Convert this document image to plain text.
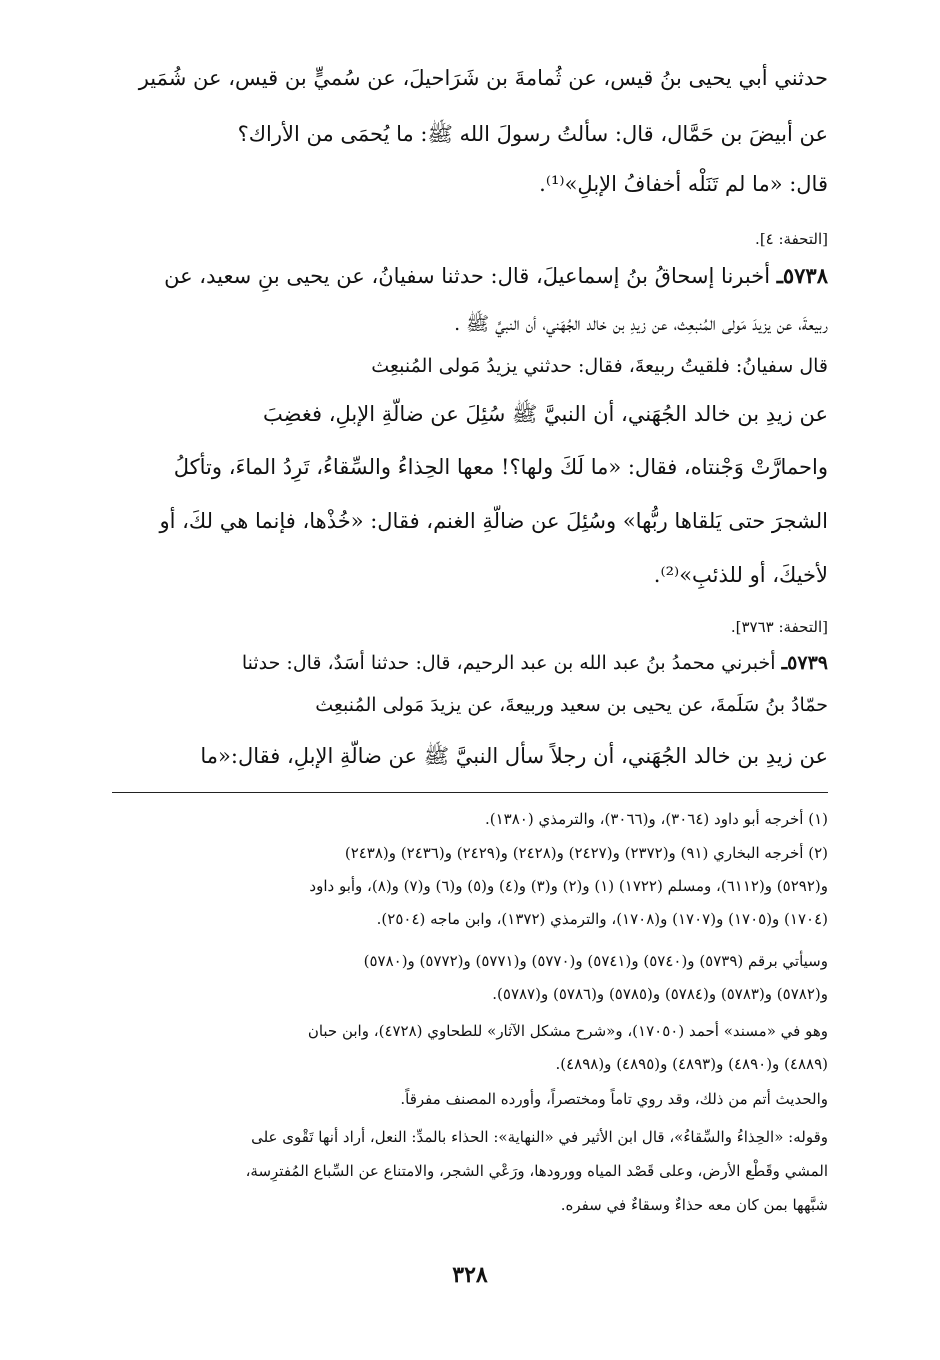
حدثني أبي يحيى بنُ قيس، عن ثُمامةَ بن شَرَاحيلَ، عن سُميٍّ بن قيس، عن شُمَير
عن أبيضَ بن حَمَّال، قال: سألتُ رسولَ الله ﷺ: ما يُحمَى من الأراك؟
قال: «ما لم تَنَلْه أخفافُ الإبلِ»⁽¹⁾.
[التحفة: ٤].
٥٧٣٨ـ أخبرنا إسحاقُ بنُ إسماعيلَ، قال: حدثنا سفيانُ، عن يحيى بنِ سعيد، عن
ربيعةَ، عن يزيدَ مَولى المُنبعِث، عن زيدِ بن خالد الجُهَني، أن النبيَّ ﷺ .
قال سفيانُ: فلقيتُ ربيعةَ، فقال: حدثني يزيدُ مَولى المُنبعِث
عن زيدِ بن خالد الجُهَني، أن النبيَّ ﷺ سُئِلَ عن ضالّةِ الإبلِ، فغضِبَ
واحمارَّتْ وَجْنتاه، فقال: «ما لَكَ ولها؟! معها الحِذاءُ والسِّقاءُ، تَرِدُ الماءَ، وتأكلُ
الشجرَ حتى يَلقاها ربُّها» وسُئِلَ عن ضالّةِ الغنم، فقال: «خُذْها، فإنما هي لكَ، أو
لأخيكَ، أو للذئبِ»⁽²⁾.
[التحفة: ٣٧٦٣].
٥٧٣٩ـ أخبرني محمدُ بنُ عبد الله بن عبد الرحيم، قال: حدثنا أسَدٌ، قال: حدثنا
حمّادُ بنُ سَلَمةَ، عن يحيى بن سعيد وربيعةَ، عن يزيدَ مَولى المُنبعِث
عن زيدِ بن خالد الجُهَني، أن رجلاً سأل النبيَّ ﷺ عن ضالّةِ الإبلِ، فقال:«ما
(١) أخرجه أبو داود (٣٠٦٤)، و(٣٠٦٦)، والترمذي (١٣٨٠).
(٢) أخرجه البخاري (٩١) و(٢٣٧٢) و(٢٤٢٧) و(٢٤٢٨) و(٢٤٢٩) و(٢٤٣٦) و(٢٤٣٨)
و(٥٢٩٢) و(٦١١٢)، ومسلم (١٧٢٢) (١) و(٢) و(٣) و(٤) و(٥) و(٦) و(٧) و(٨)، وأبو داود
(١٧٠٤) و(١٧٠٥) و(١٧٠٧) و(١٧٠٨)، والترمذي (١٣٧٢)، وابن ماجه (٢٥٠٤).
وسيأتي برقم (٥٧٣٩) و(٥٧٤٠) و(٥٧٤١) و(٥٧٧٠) و(٥٧٧١) و(٥٧٧٢) و(٥٧٨٠)
و(٥٧٨٢) و(٥٧٨٣) و(٥٧٨٤) و(٥٧٨٥) و(٥٧٨٦) و(٥٧٨٧).
وهو في «مسند» أحمد (١٧٠٥٠)، و«شرح مشكل الآثار» للطحاوي (٤٧٢٨)، وابن حبان
(٤٨٨٩) و(٤٨٩٠) و(٤٨٩٣) و(٤٨٩٥) و(٤٨٩٨).
والحديث أتم من ذلك، وقد روي تاماً ومختصراً، وأورده المصنف مفرقاً.
وقوله: «الحِذاءُ والسِّقاءُ»، قال ابن الأثير في «النهاية»: الحذاء بالمدِّ: النعل، أراد أنها تَقْوى على
المشي وقَطْع الأرض، وعلى قَصْد المياه وورودها، ورَعْي الشجر، والامتناع عن السِّباع المُفترِسة،
شبَّهها بمن كان معه حذاءٌ وسقاءٌ في سفره.
٣٢٨
